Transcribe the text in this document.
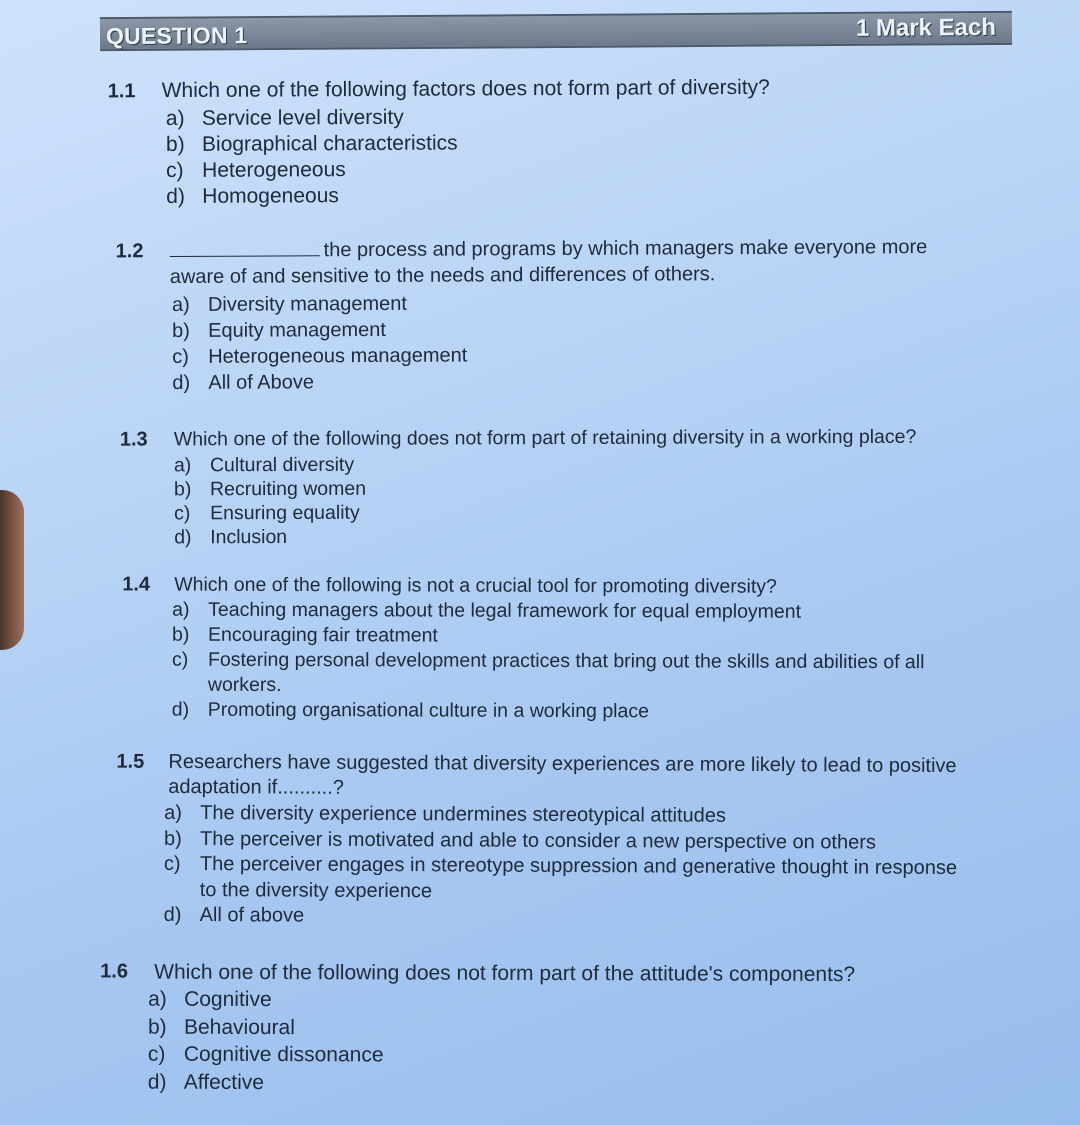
QUESTION 1	1 Mark Each
1.1 Which one of the following factors does not form part of diversity?
a) Service level diversity
b) Biographical characteristics
c) Heterogeneous
d) Homogeneous
1.2	the process and programs by which managers make everyone more
aware of and sensitive to the needs and differences of others.
a) Diversity management
b) Equity management
c) Heterogeneous management
d) All of Above
1.3 Which one of the following does not form part of retaining diversity in a working place?
a) Cultural diversity
b) Recruiting women
c)	Ensuring equality
d) Inclusion
1.4 Which one of the following is not a crucial tool for promoting diversity?
a) Teaching managers about the legal framework for equal employment
b) Encouraging fair treatment
c)	Fostering personal development practices that bring out the skills and abilities of all
workers.
d) Promoting organisational culture in a working place
1.5 Researchers have suggested that diversity experiences are more likely to lead to positive
adaptation if..........?
a) The diversity experience undermines stereotypical attitudes
b) The perceiver is motivated and able to consider a new perspective on others
c) The perceiver engages in stereotype suppression and generative thought in response
to the diversity experience
d) All of above
1.6 Which one of the following does not form part of the attitude's components?
a) Cognitive
b) Behavioural
c) Cognitive dissonance
d) Affective
